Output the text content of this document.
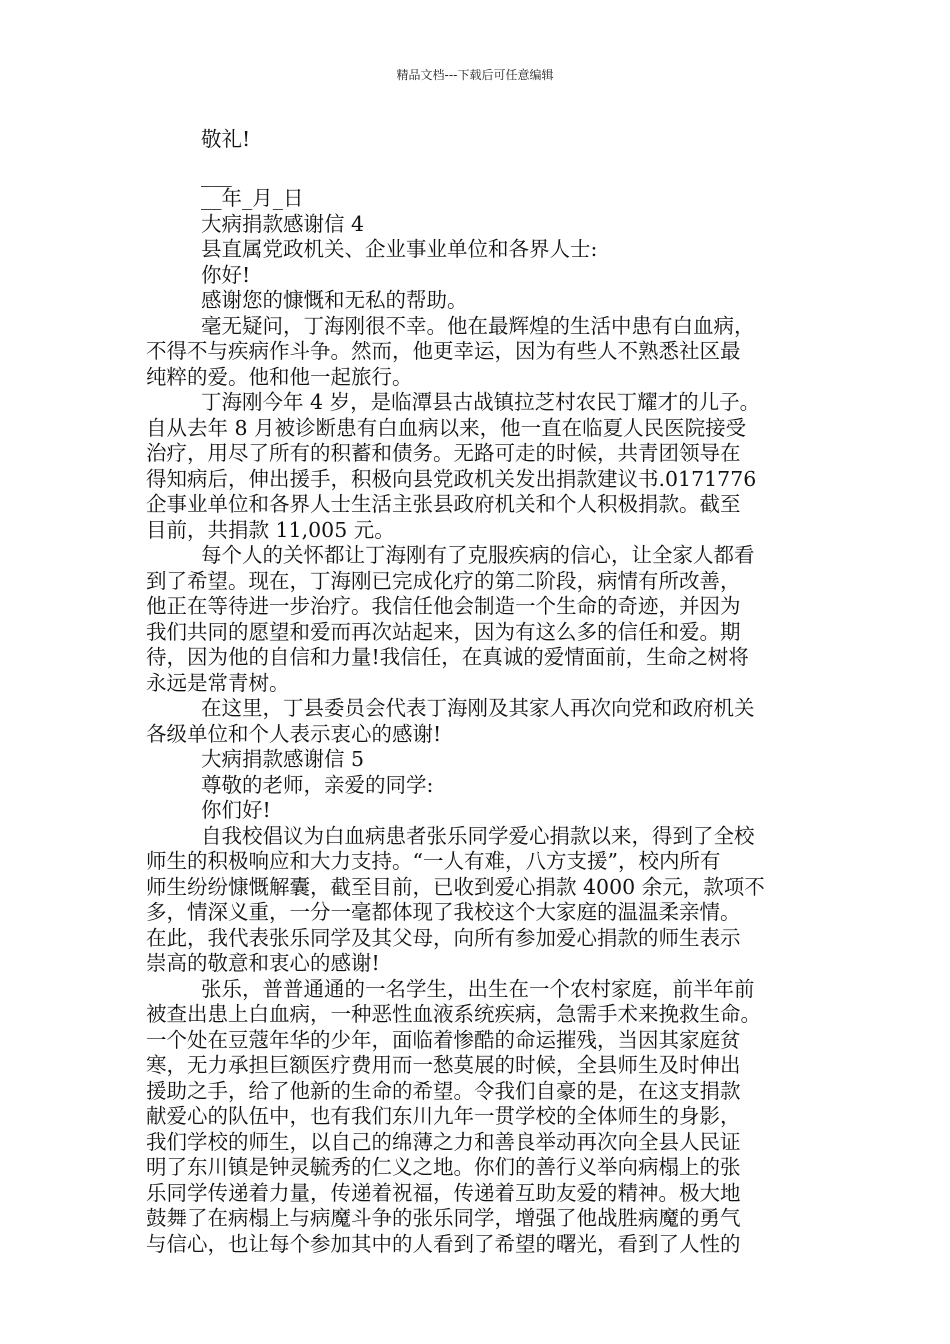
精品文档---下载后可任意编辑
敬礼!
___
__年_月_日
大病捐款感谢信 4
县直属党政机关、企业事业单位和各界人士:
你好!
感谢您的慷慨和无私的帮助。
毫无疑问，丁海刚很不幸。他在最辉煌的生活中患有白血病，
不得不与疾病作斗争。然而，他更幸运，因为有些人不熟悉社区最
纯粹的爱。他和他一起旅行。
丁海刚今年 4 岁，是临潭县古战镇拉芝村农民丁耀才的儿子。
自从去年 8 月被诊断患有白血病以来，他一直在临夏人民医院接受
治疗，用尽了所有的积蓄和债务。无路可走的时候，共青团领导在
得知病后，伸出援手，积极向县党政机关发出捐款建议书.0171776
企事业单位和各界人士生活主张县政府机关和个人积极捐款。截至
目前，共捐款 11,005 元。
每个人的关怀都让丁海刚有了克服疾病的信心，让全家人都看
到了希望。现在，丁海刚已完成化疗的第二阶段，病情有所改善，
他正在等待进一步治疗。我信任他会制造一个生命的奇迹，并因为
我们共同的愿望和爱而再次站起来，因为有这么多的信任和爱。期
待，因为他的自信和力量!我信任，在真诚的爱情面前，生命之树将
永远是常青树。
在这里，丁县委员会代表丁海刚及其家人再次向党和政府机关
各级单位和个人表示衷心的感谢!
大病捐款感谢信 5
尊敬的老师，亲爱的同学:
你们好!
自我校倡议为白血病患者张乐同学爱心捐款以来，得到了全校
师生的积极响应和大力支持。“一人有难，八方支援”，校内所有
师生纷纷慷慨解囊，截至目前，已收到爱心捐款 4000 余元，款项不
多，情深义重，一分一毫都体现了我校这个大家庭的温温柔亲情。
在此，我代表张乐同学及其父母，向所有参加爱心捐款的师生表示
崇高的敬意和衷心的感谢!
张乐，普普通通的一名学生，出生在一个农村家庭，前半年前
被查出患上白血病，一种恶性血液系统疾病，急需手术来挽救生命。
一个处在豆蔻年华的少年，面临着惨酷的命运摧残，当因其家庭贫
寒，无力承担巨额医疗费用而一愁莫展的时候，全县师生及时伸出
援助之手，给了他新的生命的希望。令我们自豪的是，在这支捐款
献爱心的队伍中，也有我们东川九年一贯学校的全体师生的身影，
我们学校的师生，以自己的绵薄之力和善良举动再次向全县人民证
明了东川镇是钟灵毓秀的仁义之地。你们的善行义举向病榻上的张
乐同学传递着力量，传递着祝福，传递着互助友爱的精神。极大地
鼓舞了在病榻上与病魔斗争的张乐同学，增强了他战胜病魔的勇气
与信心，也让每个参加其中的人看到了希望的曙光，看到了人性的
